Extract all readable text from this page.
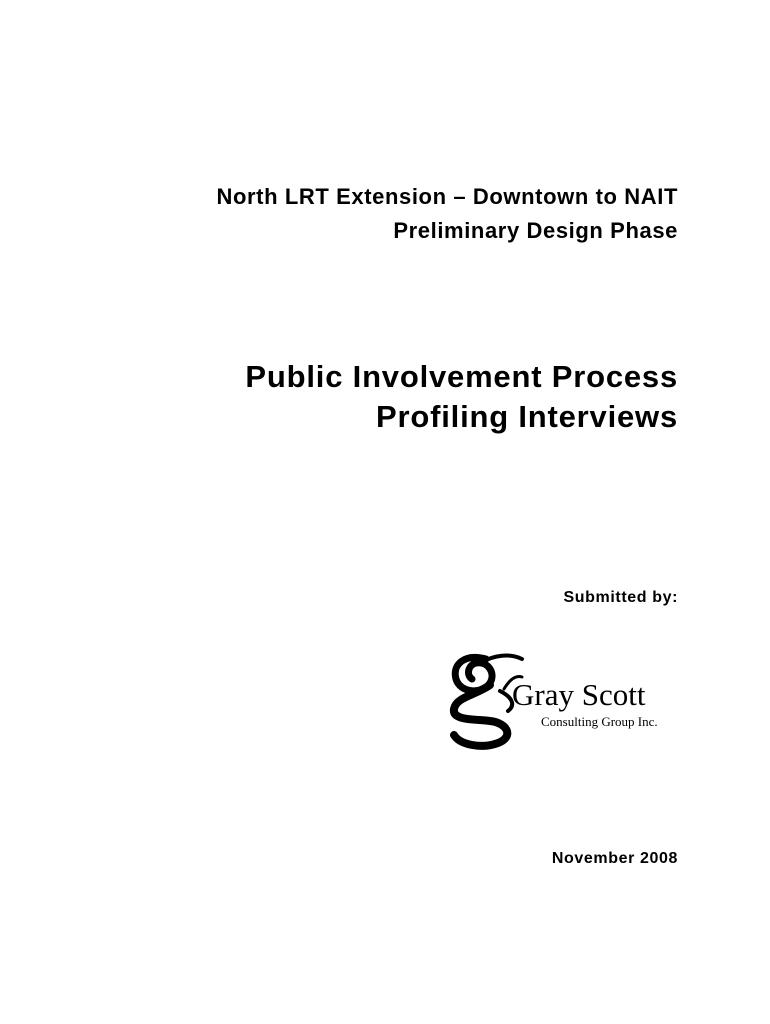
North LRT Extension – Downtown to NAIT
Preliminary Design Phase
Public Involvement Process
Profiling Interviews
Submitted by:
Gray Scott
Consulting Group Inc.
November 2008
